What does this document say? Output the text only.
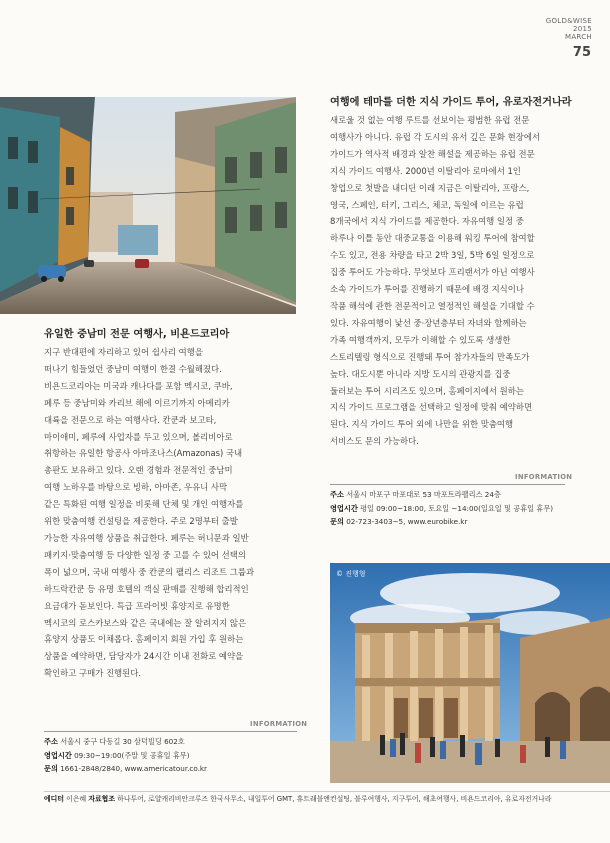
GOLD&WISE
2015
MARCH
75
유일한 중남미 전문 여행사, 비욘드코리아
지구 반대편에 자리하고 있어 쉽사리 여행을
떠나기 힘들었던 중남미 여행이 한결 수월해졌다.
비욘드코리아는 미국과 캐나다를 포함 멕시코, 쿠바,
페루 등 중남미와 카리브 해에 이르기까지 아메리카
대륙을 전문으로 하는 여행사다. 칸쿤과 보고타,
마이애미, 페루에 사업자를 두고 있으며, 볼리비아로
취항하는 유일한 항공사 아마조나스(Amazonas) 국내
총판도 보유하고 있다. 오랜 경험과 전문적인 중남미
여행 노하우를 바탕으로 빙하, 아마존, 우유니 사막
같은 특화된 여행 일정을 비롯해 단체 및 개인 여행자를
위한 맞춤여행 컨설팅을 제공한다. 주로 2명부터 출발
가능한 자유여행 상품을 취급한다. 페루는 허니문과 일반
패키지·맞춤여행 등 다양한 일정 중 고를 수 있어 선택의
폭이 넓으며, 국내 여행사 중 칸쿤의 팰리스 리조트 그룹과
하드락칸쿤 등 유명 호텔의 객실 판매를 진행해 합리적인
요금대가 돋보인다. 특급 프라이빗 휴양지로 유명한
멕시코의 로스카보스와 같은 국내에는 잘 알려지지 않은
휴양지 상품도 이채롭다. 홈페이지 회원 가입 후 원하는
상품을 예약하면, 담당자가 24시간 이내 전화로 예약을
확인하고 구매가 진행된다.
INFORMATION
주소 서울시 중구 다동길 30 삼덕빌딩 602호
영업시간 09:30~19:00(주말 및 공휴일 휴무)
문의 1661-2848/2840, www.americatour.co.kr
여행에 테마를 더한 지식 가이드 투어, 유로자전거나라
새로울 것 없는 여행 루트를 선보이는 평범한 유럽 전문
여행사가 아니다. 유럽 각 도시의 유서 깊은 문화 현장에서
가이드가 역사적 배경과 알찬 해설을 제공하는 유럽 전문
지식 가이드 여행사. 2000년 이탈리아 로마에서 1인
창업으로 첫발을 내디딘 이래 지금은 이탈리아, 프랑스,
영국, 스페인, 터키, 그리스, 체코, 독일에 이르는 유럽
8개국에서 지식 가이드를 제공한다. 자유여행 일정 중
하루나 이틀 동안 대중교통을 이용해 워킹 투어에 참여할
수도 있고, 전용 차량을 타고 2박 3일, 5박 6일 일정으로
집중 투어도 가능하다. 무엇보다 프리랜서가 아닌 여행사
소속 가이드가 투어를 진행하기 때문에 배경 지식이나
작품 해석에 관한 전문적이고 열정적인 해설을 기대할 수
있다. 자유여행이 낯선 중·장년층부터 자녀와 함께하는
가족 여행객까지, 모두가 이해할 수 있도록 생생한
스토리텔링 형식으로 진행돼 투어 참가자들의 만족도가
높다. 대도시뿐 아니라 지방 도시의 관광지를 집중
둘러보는 투어 시리즈도 있으며, 홈페이지에서 원하는
지식 가이드 프로그램을 선택하고 일정에 맞춰 예약하면
된다. 지식 가이드 투어 외에 나만을 위한 맞춤여행
서비스도 문의 가능하다.
INFORMATION
주소 서울시 마포구 마포대로 53 마포트라팰리스 24층
영업시간 평일 09:00~18:00, 토요일 ~14:00(일요일 및 공휴일 휴무)
문의 02-723-3403~5, www.eurobike.kr
© 진행형
에디터 이은혜 자료협조 하나투어, 로얄캐리비안크루즈 한국사무소, 내일투어 GMT, 휴트래블앤컨설팅, 블루여행사, 지구투어, 해초여행사, 비욘드코리아, 유로자전거나라
